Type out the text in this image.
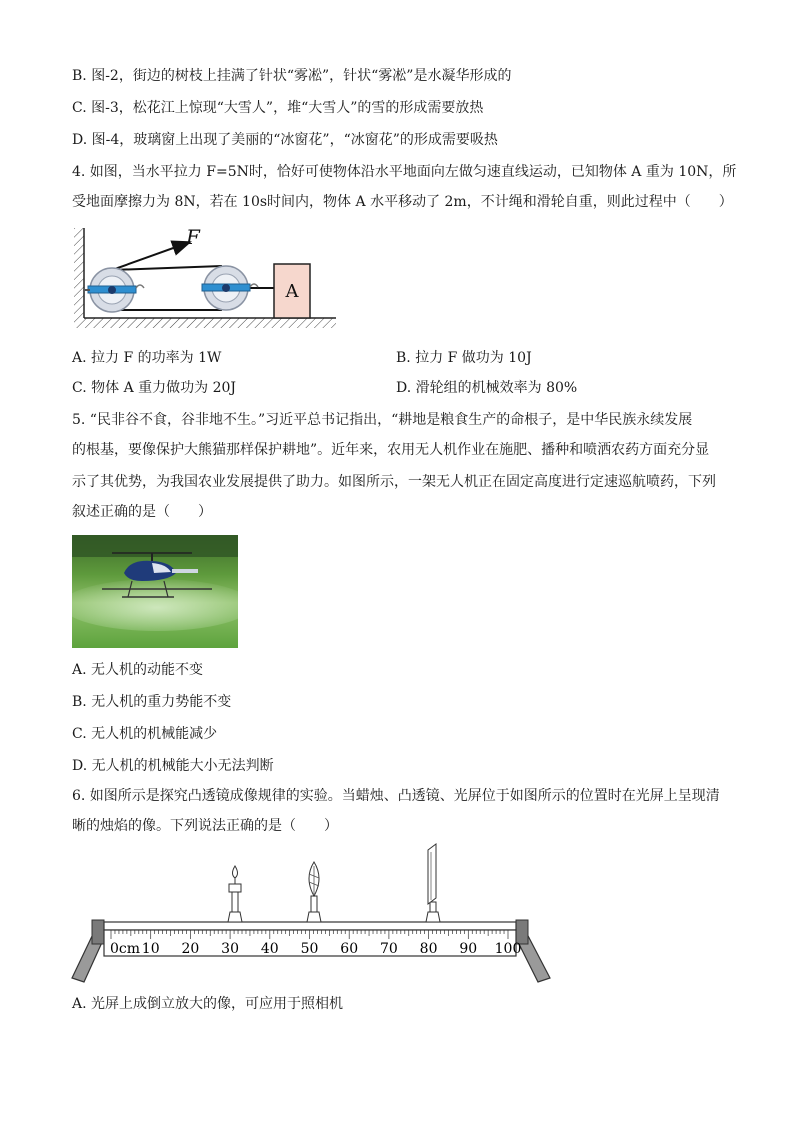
B. 图-2，街边的树枝上挂满了针状“雾凇”，针状“雾凇”是水凝华形成的
C. 图-3，松花江上惊现“大雪人”，堆“大雪人”的雪的形成需要放热
D. 图-4，玻璃窗上出现了美丽的“冰窗花”，“冰窗花”的形成需要吸热
4. 如图，当水平拉力 F=5N时，恰好可使物体沿水平地面向左做匀速直线运动，已知物体 A 重为 10N，所
受地面摩擦力为 8N，若在 10s时间内，物体 A 水平移动了 2m，不计绳和滑轮自重，则此过程中（　　）
F
A
A. 拉力 F 的功率为 1W	B. 拉力 F 做功为 10J
C. 物体 A 重力做功为 20J	D. 滑轮组的机械效率为 80%
5. “民非谷不食，谷非地不生。”习近平总书记指出，“耕地是粮食生产的命根子，是中华民族永续发展
的根基，要像保护大熊猫那样保护耕地”。近年来，农用无人机作业在施肥、播种和喷洒农药方面充分显
示了其优势，为我国农业发展提供了助力。如图所示，一架无人机正在固定高度进行定速巡航喷药，下列
叙述正确的是（　　）
A. 无人机的动能不变
B. 无人机的重力势能不变
C. 无人机的机械能减少
D. 无人机的机械能大小无法判断
6. 如图所示是探究凸透镜成像规律的实验。当蜡烛、凸透镜、光屏位于如图所示的位置时在光屏上呈现清
晰的烛焰的像。下列说法正确的是（　　）
0cm 10 20 30 40 50 60 70 80 90 100
A. 光屏上成倒立放大的像，可应用于照相机
